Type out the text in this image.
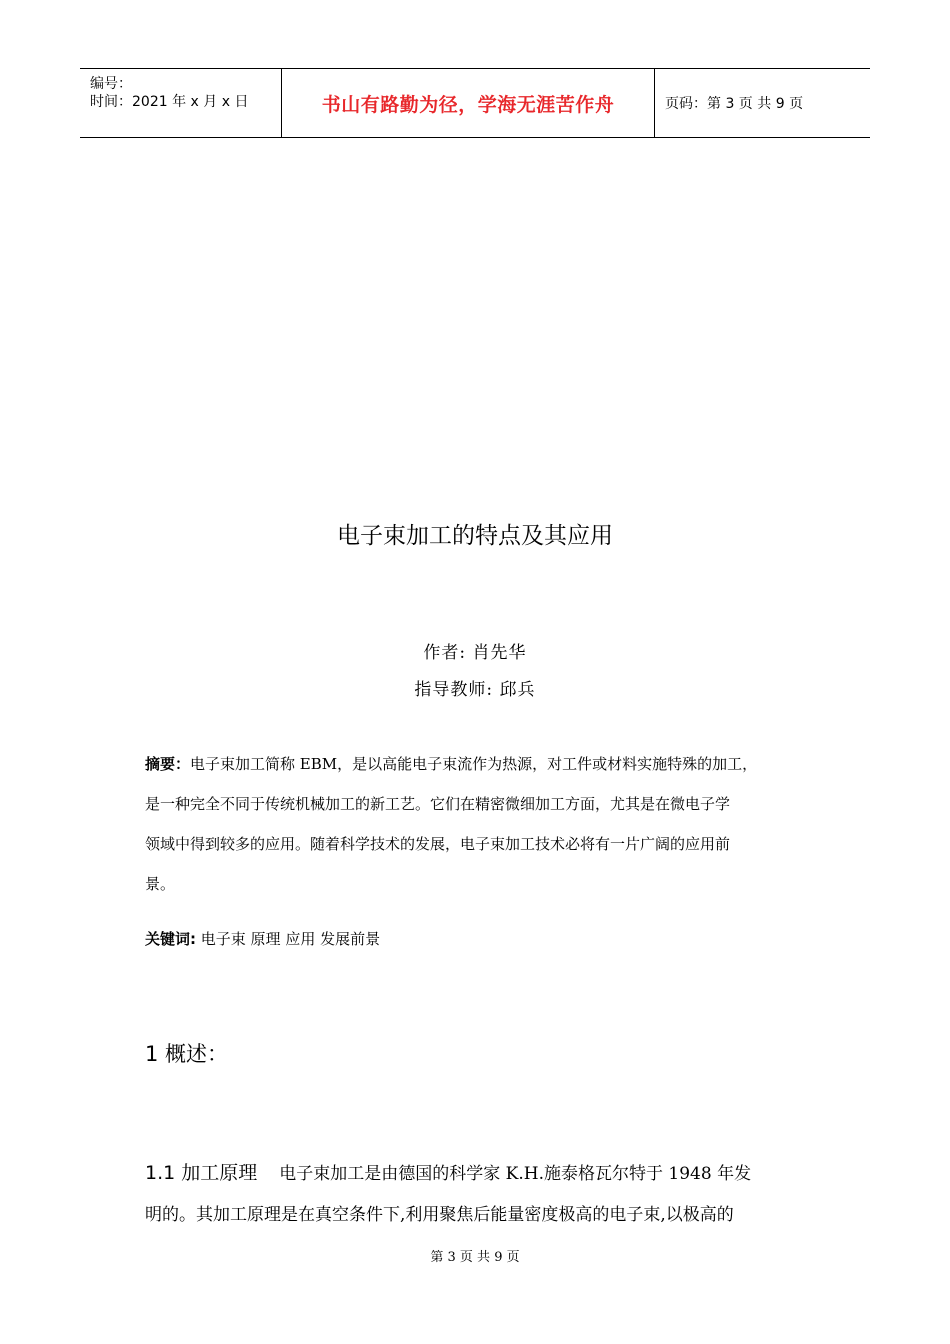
编号：
时间：2021 年 x 月 x 日	书山有路勤为径，学海无涯苦作舟	页码：第 3 页 共 9 页
电子束加工的特点及其应用
作者: 肖先华
指导教师: 邱兵
摘要：电子束加工简称 EBM，是以高能电子束流作为热源，对工件或材料实施特殊的加工，
是一种完全不同于传统机械加工的新工艺。它们在精密微细加工方面，尤其是在微电子学
领域中得到较多的应用。随着科学技术的发展，电子束加工技术必将有一片广阔的应用前
景。
关键词: 电子束 原理 应用 发展前景
1 概述：
1.1 加工原理 电子束加工是由德国的科学家 K.H.施泰格瓦尔特于 1948 年发
明的。其加工原理是在真空条件下,利用聚焦后能量密度极高的电子束,以极高的
第 3 页 共 9 页
